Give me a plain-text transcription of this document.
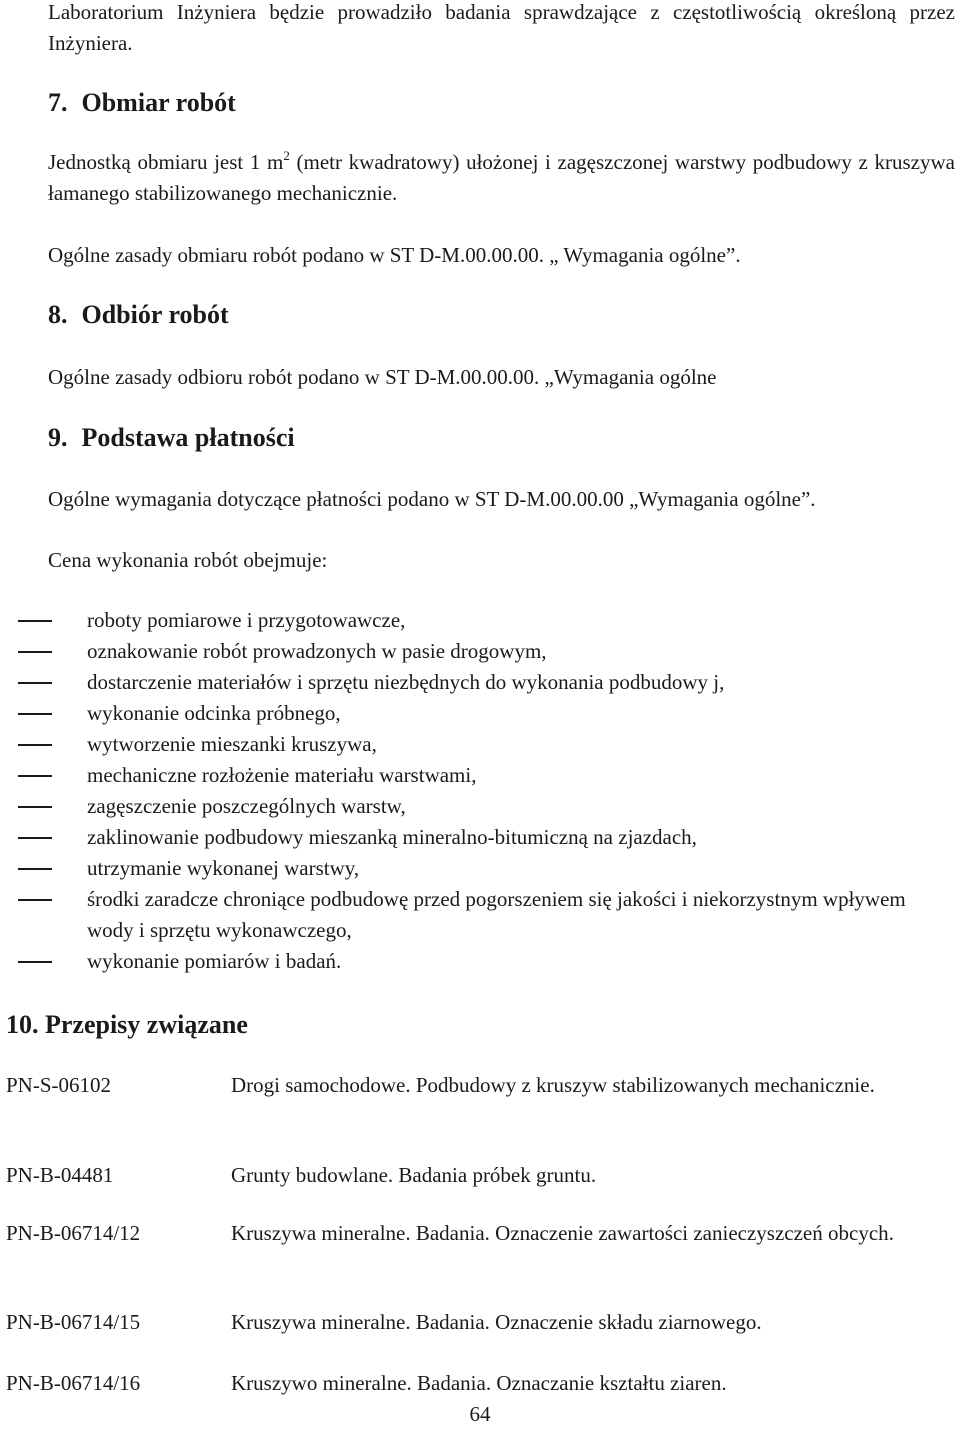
Laboratorium Inżyniera będzie prowadziło badania sprawdzające z częstotliwością określoną przez Inżyniera.

7. Obmiar robót

Jednostką obmiaru jest 1 $m^2$ (metr kwadratowy) ułożonej i zagęszczonej warstwy podbudowy z kruszywa łamanego stabilizowanego mechanicznie.

Ogólne zasady obmiaru robót podano w ST D-M.00.00.00. „ Wymagania ogólne”.

8. Odbiór robót

Ogólne zasady odbioru robót podano w ST D-M.00.00.00. „Wymagania ogólne

9. Podstawa płatności

Ogólne wymagania dotyczące płatności podano w ST D-M.00.00.00 „Wymagania ogólne”.

Cena wykonania robót obejmuje:

roboty pomiarowe i przygotowawcze,
oznakowanie robót prowadzonych w pasie drogowym,
dostarczenie materiałów i sprzętu niezbędnych do wykonania podbudowy j,
wykonanie odcinka próbnego,
wytworzenie mieszanki kruszywa,
mechaniczne rozłożenie materiału warstwami,
zagęszczenie poszczególnych warstw,
zaklinowanie podbudowy mieszanką mineralno-bitumiczną na zjazdach,
utrzymanie wykonanej warstwy,
środki zaradcze chroniące podbudowę przed pogorszeniem się jakości i niekorzystnym wpływem wody i sprzętu wykonawczego,
wykonanie pomiarów i badań.
10. Przepisy związane
PN-S-06102	Drogi samochodowe. Podbudowy z kruszyw stabilizowanych mechanicznie.
PN-B-04481	Grunty budowlane. Badania próbek gruntu.
PN-B-06714/12	Kruszywa mineralne. Badania. Oznaczenie zawartości zanieczyszczeń obcych.
PN-B-06714/15	Kruszywa mineralne. Badania. Oznaczenie składu ziarnowego.
PN-B-06714/16	Kruszywo mineralne. Badania. Oznaczanie kształtu ziaren.
64
